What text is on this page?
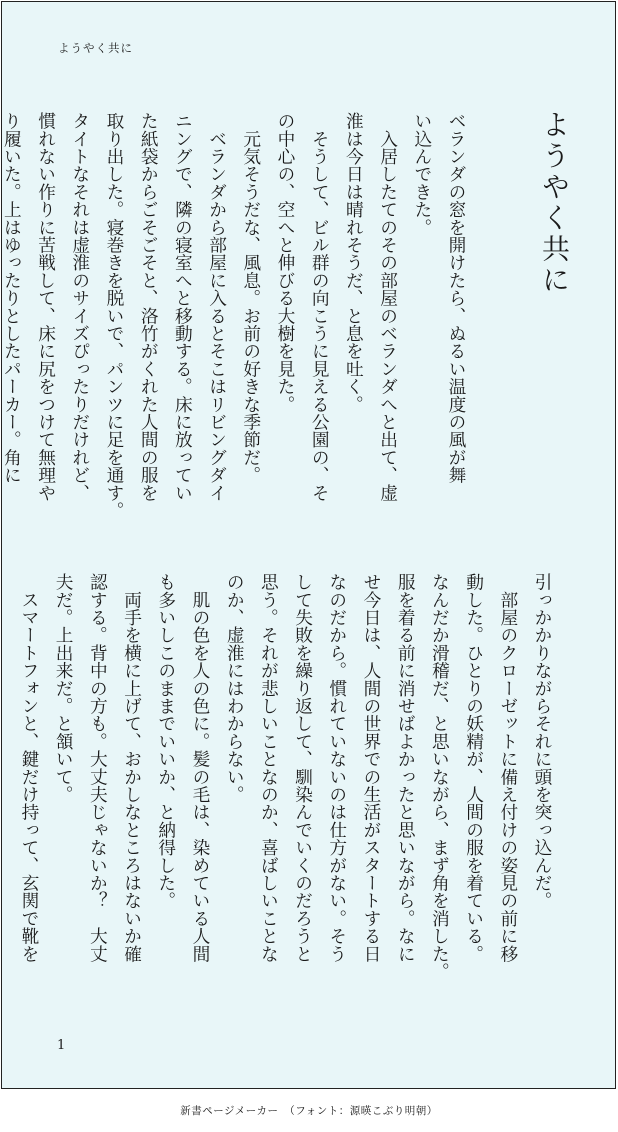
ようやく共に
ようやく共に
ベランダの窓を開けたら、ぬるい温度の風が舞
い込んできた。
　入居したてのその部屋のベランダへと出て、虚
淮は今日は晴れそうだ、と息を吐く。
　そうして、ビル群の向こうに見える公園の、そ
の中心の、空へと伸びる大樹を見た。
　元気そうだな、風息。お前の好きな季節だ。
　ベランダから部屋に入るとそこはリビングダイ
ニングで、隣の寝室へと移動する。床に放ってい
た紙袋からごそごそと、洛竹がくれた人間の服を
取り出した。寝巻きを脱いで、パンツに足を通す。
タイトなそれは虚淮のサイズぴったりだけれど、
慣れない作りに苦戦して、床に尻をつけて無理や
り履いた。上はゆったりとしたパーカー。角に
引っかかりながらそれに頭を突っ込んだ。
　部屋のクローゼットに備え付けの姿見の前に移
動した。ひとりの妖精が、人間の服を着ている。
なんだか滑稽だ、と思いながら、まず角を消した。
服を着る前に消せばよかったと思いながら。なに
せ今日は、人間の世界での生活がスタートする日
なのだから。慣れていないのは仕方がない。そう
して失敗を繰り返して、馴染んでいくのだろうと
思う。それが悲しいことなのか、喜ばしいことな
のか、虚淮にはわからない。
　肌の色を人の色に。髪の毛は、染めている人間
も多いしこのままでいいか、と納得した。
　両手を横に上げて、おかしなところはないか確
認する。背中の方も。大丈夫じゃないか？　大丈
夫だ。上出来だ。と頷いて。
　スマートフォンと、鍵だけ持って、玄関で靴を
1
新書ページメーカー　（フォント：源暎こぶり明朝）
